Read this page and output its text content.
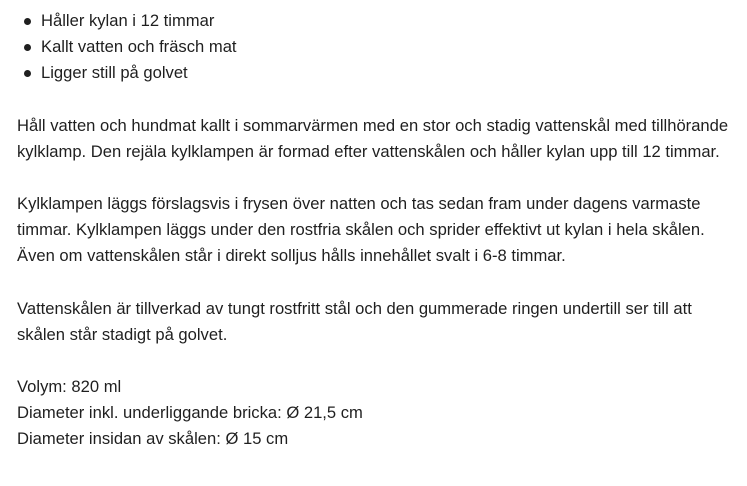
Håller kylan i 12 timmar
Kallt vatten och fräsch mat
Ligger still på golvet

Håll vatten och hundmat kallt i sommarvärmen med en stor och stadig vattenskål med tillhörande kylklamp. Den rejäla kylklampen är formad efter vattenskålen och håller kylan upp till 12 timmar.

Kylklampen läggs förslagsvis i frysen över natten och tas sedan fram under dagens varmaste timmar. Kylklampen läggs under den rostfria skålen och sprider effektivt ut kylan i hela skålen. Även om vattenskålen står i direkt solljus hålls innehållet svalt i 6-8 timmar.

Vattenskålen är tillverkad av tungt rostfritt stål och den gummerade ringen undertill ser till att skålen står stadigt på golvet.

Volym: 820 ml
Diameter inkl. underliggande bricka: Ø 21,5 cm
Diameter insidan av skålen: Ø 15 cm
